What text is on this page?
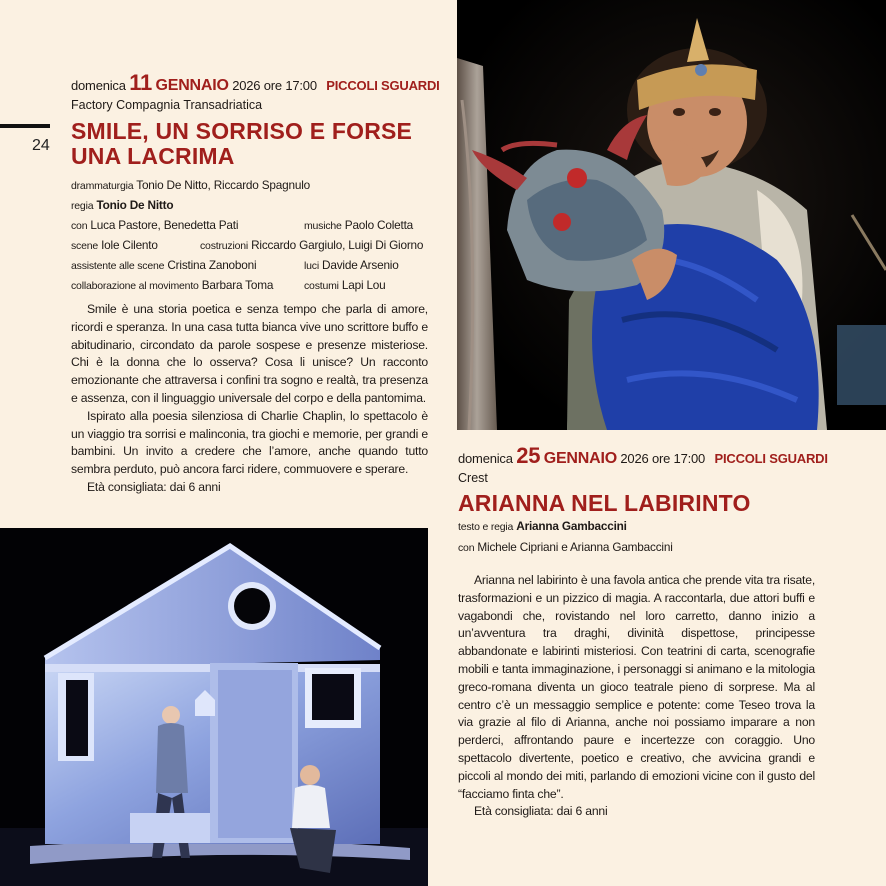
24
domenica 11 GENNAIO 2026 ore 17:00 PICCOLI SGUARDI
Factory Compagnia Transadriatica
SMILE, UN SORRISO E FORSE
UNA LACRIMA
drammaturgia Tonio De Nitto, Riccardo Spagnulo
regia Tonio De Nitto
con Luca Pastore, Benedetta Pati	musiche Paolo Coletta
scene Iole Cilento	costruzioni Riccardo Gargiulo, Luigi Di Giorno
assistente alle scene Cristina Zanoboni	luci Davide Arsenio
collaborazione al movimento Barbara Toma	costumi Lapi Lou

Smile è una storia poetica e senza tempo che parla di amore, ricordi e speranza. In una casa tutta bianca vive uno scrittore buffo e abitudinario, circondato da parole sospese e presenze misteriose. Chi è la donna che lo osserva? Cosa li unisce? Un racconto emozionante che attraversa i confini tra sogno e realtà, tra presenza e assenza, con il linguaggio universale del corpo e della pantomima.

Ispirato alla poesia silenziosa di Charlie Chaplin, lo spettacolo è un viaggio tra sorrisi e malinconia, tra giochi e memorie, per grandi e bambini. Un invito a credere che l’amore, anche quando tutto sembra perduto, può ancora farci ridere, commuovere e sperare.

Età consigliata: dai 6 anni

domenica 25 GENNAIO 2026 ore 17:00 PICCOLI SGUARDI
Crest
ARIANNA NEL LABIRINTO
testo e regia Arianna Gambaccini
con Michele Cipriani e Arianna Gambaccini

Arianna nel labirinto è una favola antica che prende vita tra risate, trasformazioni e un pizzico di magia. A raccontarla, due attori buffi e vagabondi che, rovistando nel loro carretto, danno inizio a un’avventura tra draghi, divinità dispettose, principesse abbandonate e labirinti misteriosi. Con teatrini di carta, scenografie mobili e tanta immaginazione, i personaggi si animano e la mitologia greco-romana diventa un gioco teatrale pieno di sorprese. Ma al centro c’è un messaggio semplice e potente: come Teseo trova la via grazie al filo di Arianna, anche noi possiamo imparare a non perderci, affrontando paure e incertezze con coraggio. Uno spettacolo divertente, poetico e creativo, che avvicina grandi e piccoli al mondo dei miti, parlando di emozioni vicine con il gusto del “facciamo finta che”.

Età consigliata: dai 6 anni
